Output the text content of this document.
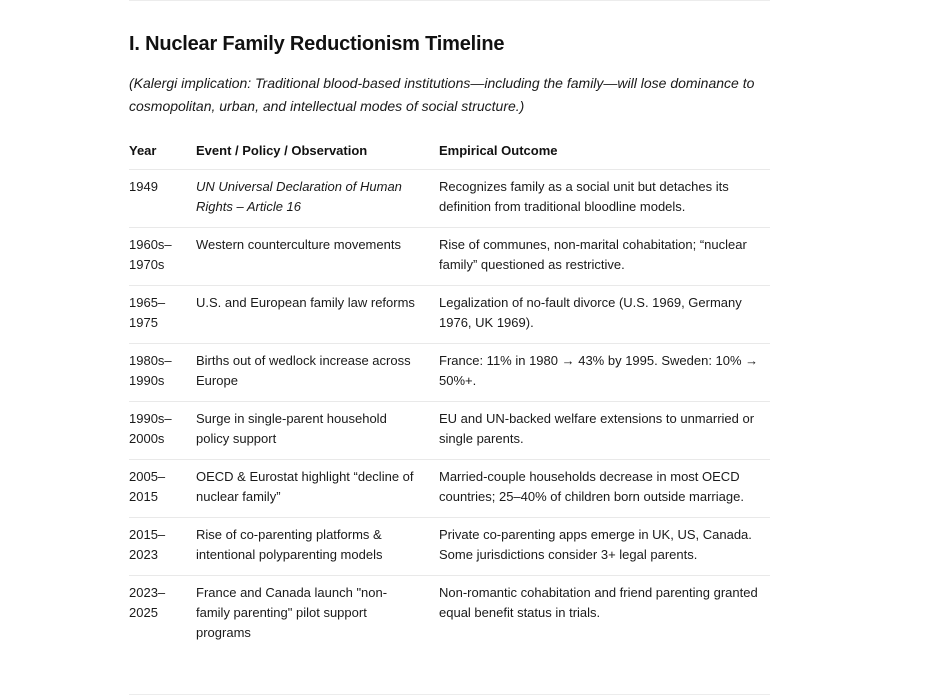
I. Nuclear Family Reductionism Timeline

(Kalergi implication: Traditional blood-based institutions—including the family—will lose dominance to cosmopolitan, urban, and intellectual modes of social structure.)

Year	Event / Policy / Observation	Empirical Outcome
1949	UN Universal Declaration of Human Rights – Article 16	Recognizes family as a social unit but detaches its definition from traditional bloodline models.
1960s–1970s	Western counterculture movements	Rise of communes, non-marital cohabitation; “nuclear family” questioned as restrictive.
1965–1975	U.S. and European family law reforms	Legalization of no-fault divorce (U.S. 1969, Germany 1976, UK 1969).
1980s–1990s	Births out of wedlock increase across Europe	France: 11% in 1980 → 43% by 1995. Sweden: 10% → 50%+.
1990s–2000s	Surge in single-parent household policy support	EU and UN-backed welfare extensions to unmarried or single parents.
2005–2015	OECD & Eurostat highlight “decline of nuclear family”	Married-couple households decrease in most OECD countries; 25–40% of children born outside marriage.
2015–2023	Rise of co-parenting platforms & intentional polyparenting models	Private co-parenting apps emerge in UK, US, Canada. Some jurisdictions consider 3+ legal parents.
2023–2025	France and Canada launch "non-family parenting" pilot support programs	Non-romantic cohabitation and friend parenting granted equal benefit status in trials.
